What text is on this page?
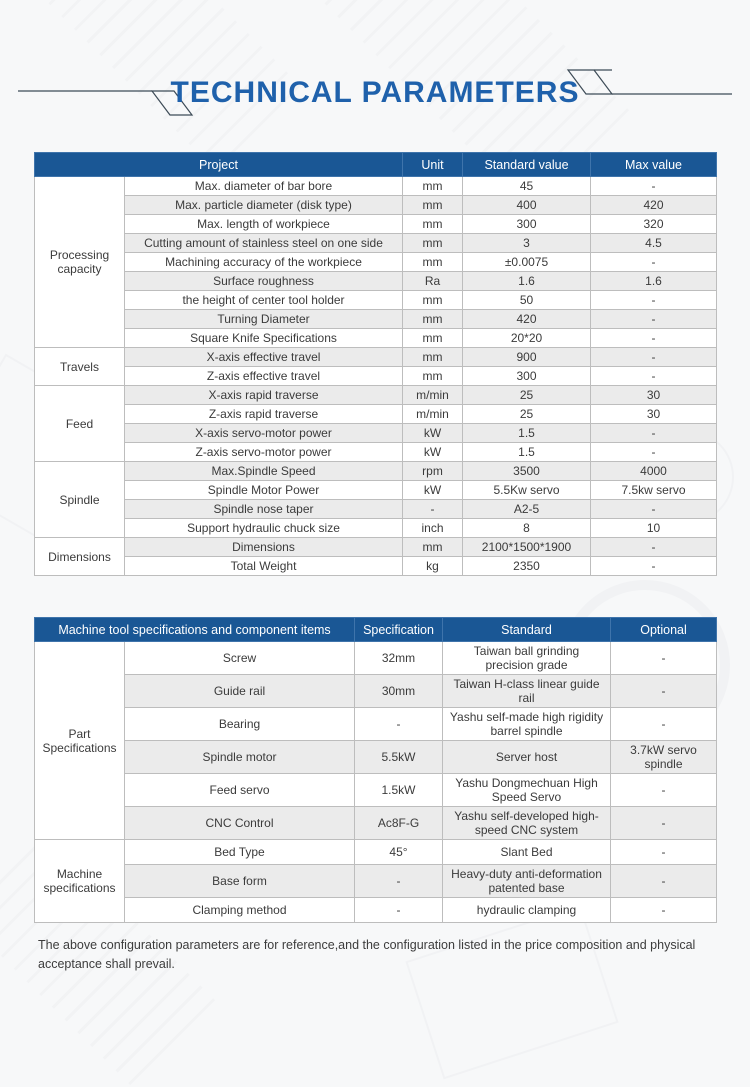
TECHNICAL PARAMETERS
Project		Unit	Standard value	Max value
Processing capacity	Max. diameter of bar bore	mm	45	-
	Max. particle diameter (disk type)	mm	400	420
	Max. length of workpiece	mm	300	320
	Cutting amount of stainless steel on one side	mm	3	4.5
	Machining accuracy of the workpiece	mm	±0.0075	-
	Surface roughness	Ra	1.6	1.6
	the height of center tool holder	mm	50	-
	Turning Diameter	mm	420	-
	Square Knife Specifications	mm	20*20	-
Travels	X-axis effective travel	mm	900	-
	Z-axis effective travel	mm	300	-
Feed	X-axis rapid traverse	m/min	25	30
	Z-axis rapid traverse	m/min	25	30
	X-axis servo-motor power	kW	1.5	-
	Z-axis servo-motor power	kW	1.5	-
Spindle	Max.Spindle Speed	rpm	3500	4000
	Spindle Motor Power	kW	5.5Kw servo	7.5kw servo
	Spindle nose taper	-	A2-5	-
	Support hydraulic chuck size	inch	8	10
Dimensions	Dimensions	mm	2100*1500*1900	-
	Total Weight	kg	2350	-
Machine tool specifications and component items		Specification	Standard	Optional
Part Specifications	Screw	32mm	Taiwan ball grinding precision grade	-
	Guide rail	30mm	Taiwan H-class linear guide rail	-
	Bearing	-	Yashu self-made high rigidity barrel spindle	-
	Spindle motor	5.5kW	Server host	3.7kW servo spindle
	Feed servo	1.5kW	Yashu Dongmechuan High Speed Servo	-
	CNC Control	Ac8F-G	Yashu self-developed high-speed CNC system	-
Machine specifications	Bed Type	45°	Slant Bed	-
	Base form	-	Heavy-duty anti-deformation patented base	-
	Clamping method	-	hydraulic clamping	-
The above configuration parameters are for reference,and the configuration listed in the price composition and physical acceptance shall prevail.
